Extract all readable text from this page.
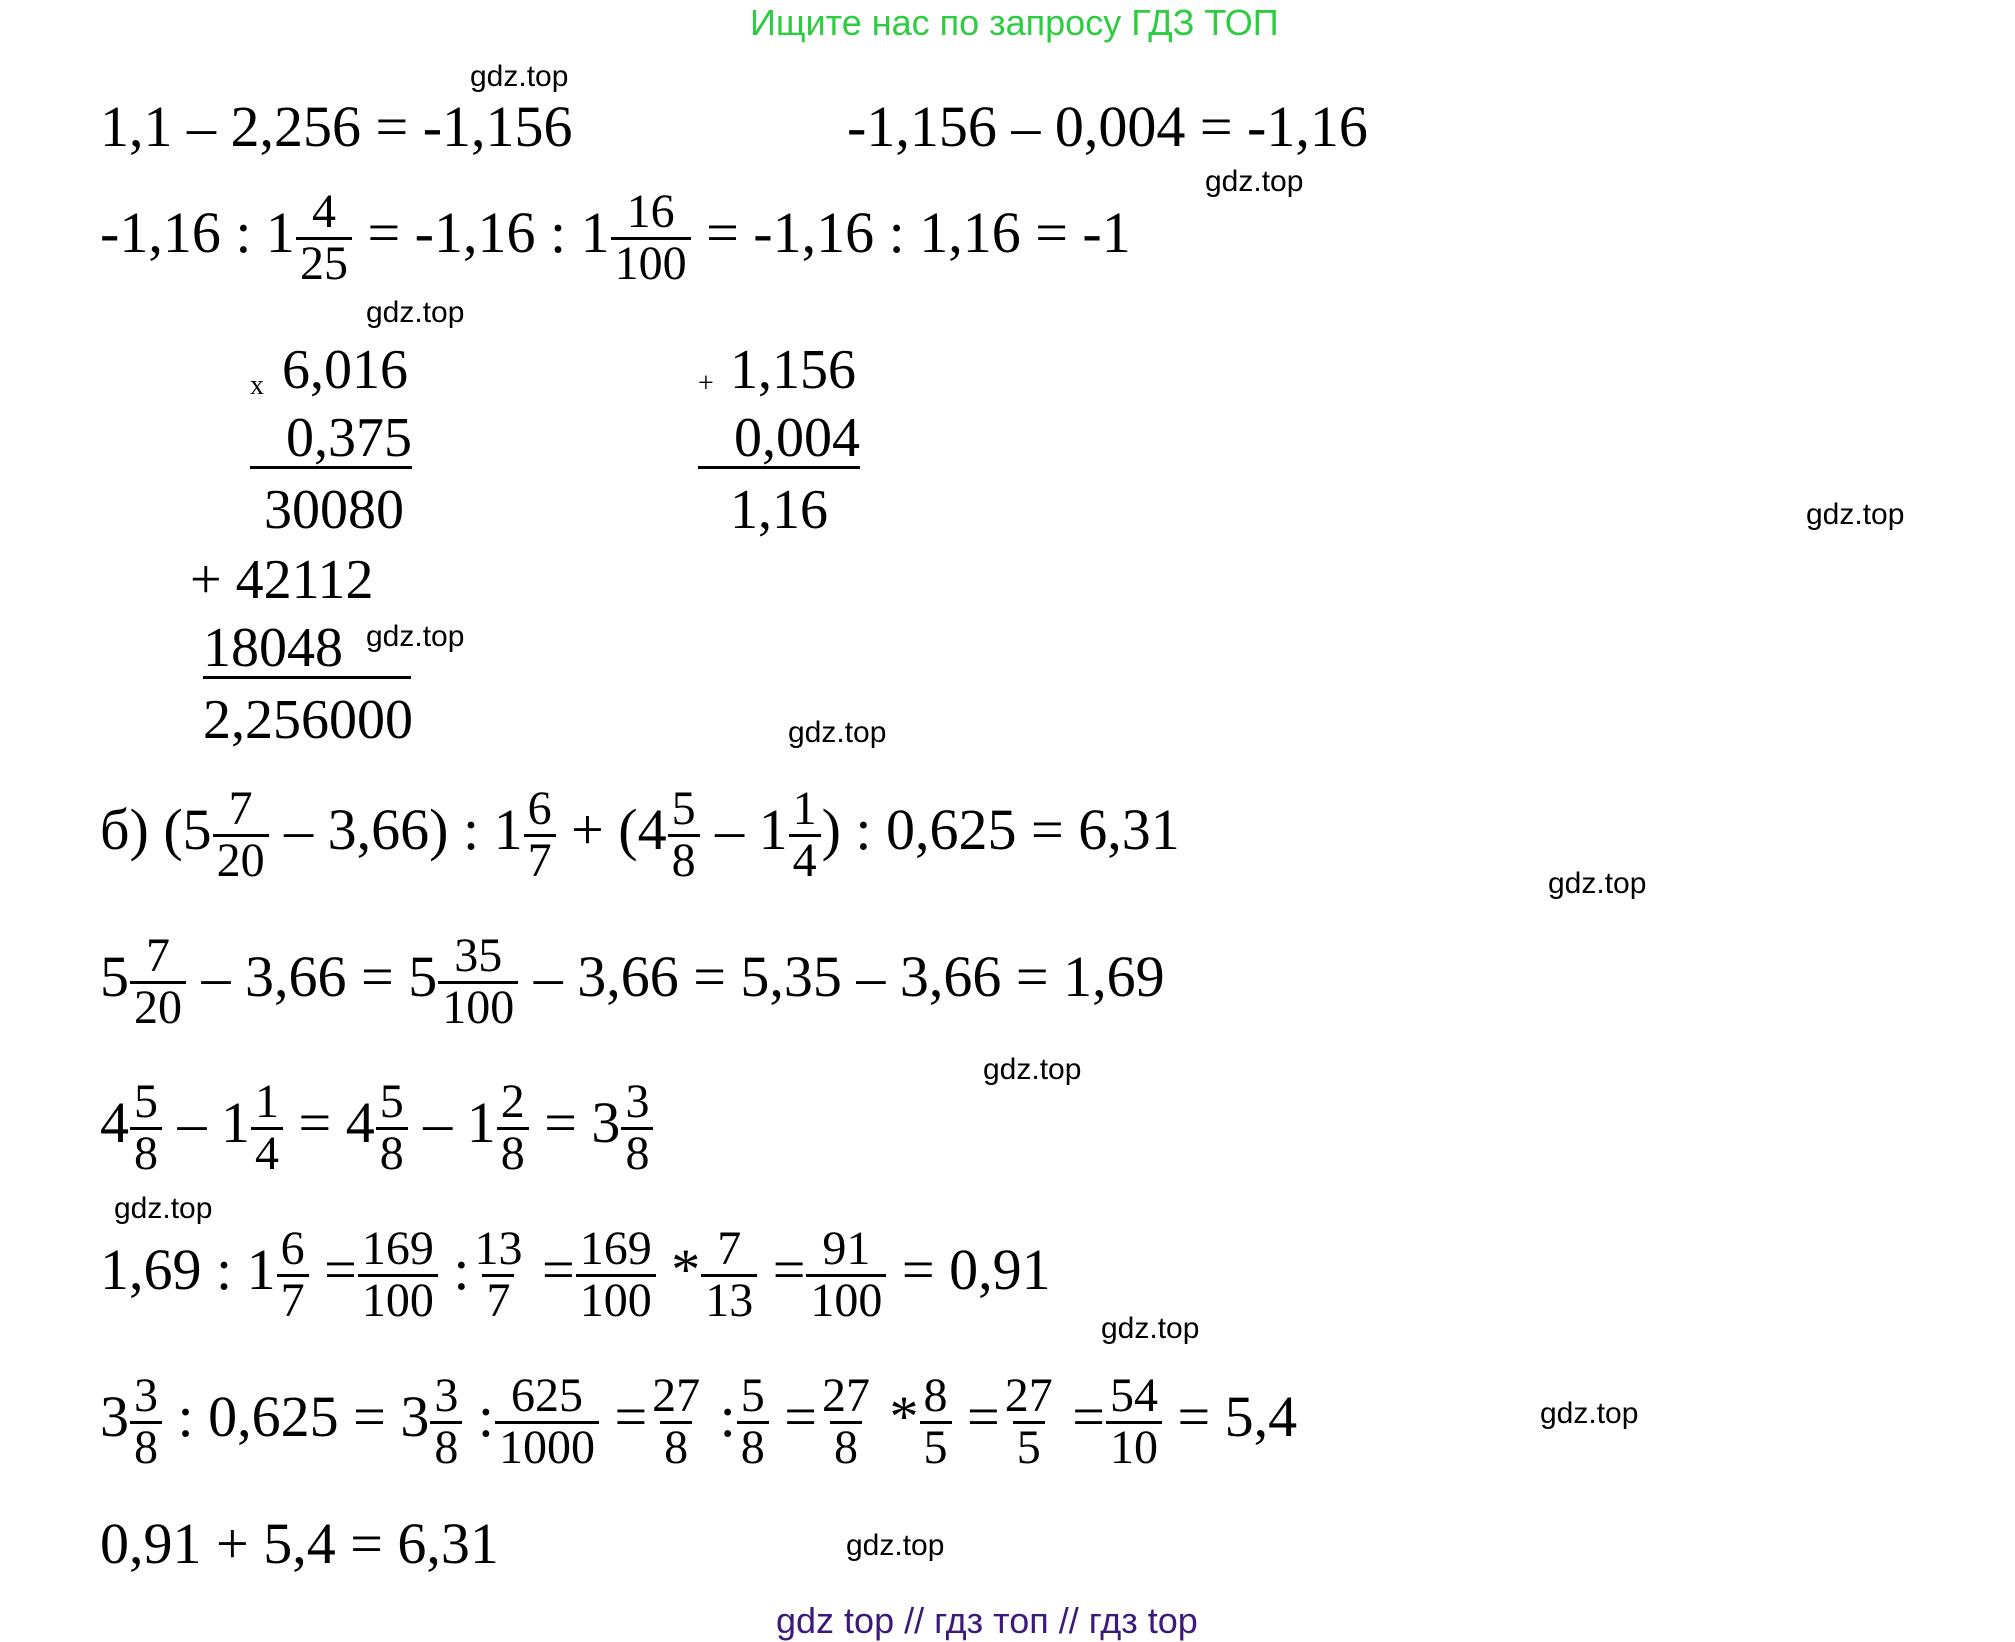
Ищите нас по запросу ГДЗ ТОП
gdz.top
gdz.top
gdz.top
gdz.top
gdz.top
gdz.top
gdz.top
gdz.top
gdz.top
gdz.top
gdz.top
gdz.top
1,1 – 2,256 = -1,156	-1,156 – 0,004 = -1,16
-1,16 : $1 \frac{4}{25} = -1,16$ : $1 \frac{16}{100} = -1,16$ : 1,16 = -1
x 6,016
0,375
30080
+ 42112
18048
2,256000
+ 1,156
0,004
1,16
б) $(5 \frac{7}{20} - 3,66)$ : $1 \frac{6}{7} + (4 \frac{5}{8} - 1 \frac{1}{4}$ ) : 0,625 = 6,31
$5 \frac{7}{20} - 3,66 = 5 \frac{35}{100} - 3,66 = 5,35 - 3,66 = 1,69$
$4 \frac{5}{8} - 1 \frac{1}{4} = 4 \frac{5}{8} - 1 \frac{2}{8} = 3 \frac{3}{8}$
1,69 : $1 \frac{6}{7} = \frac{169}{100}$ : $\frac{13}{7} = \frac{169}{100} * \frac{7}{13} = \frac{91}{100} = 0,91$
$3 \frac{3}{8}$ : $0,625 = 3 \frac{3}{8}$ : $\frac{625}{1000} = \frac{27}{8}$ : $\frac{5}{8} = \frac{27}{8} * \frac{8}{5} = \frac{27}{5} = \frac{54}{10} = 5,4$
0,91 + 5,4 = 6,31
gdz top // гдз топ // гдз top
